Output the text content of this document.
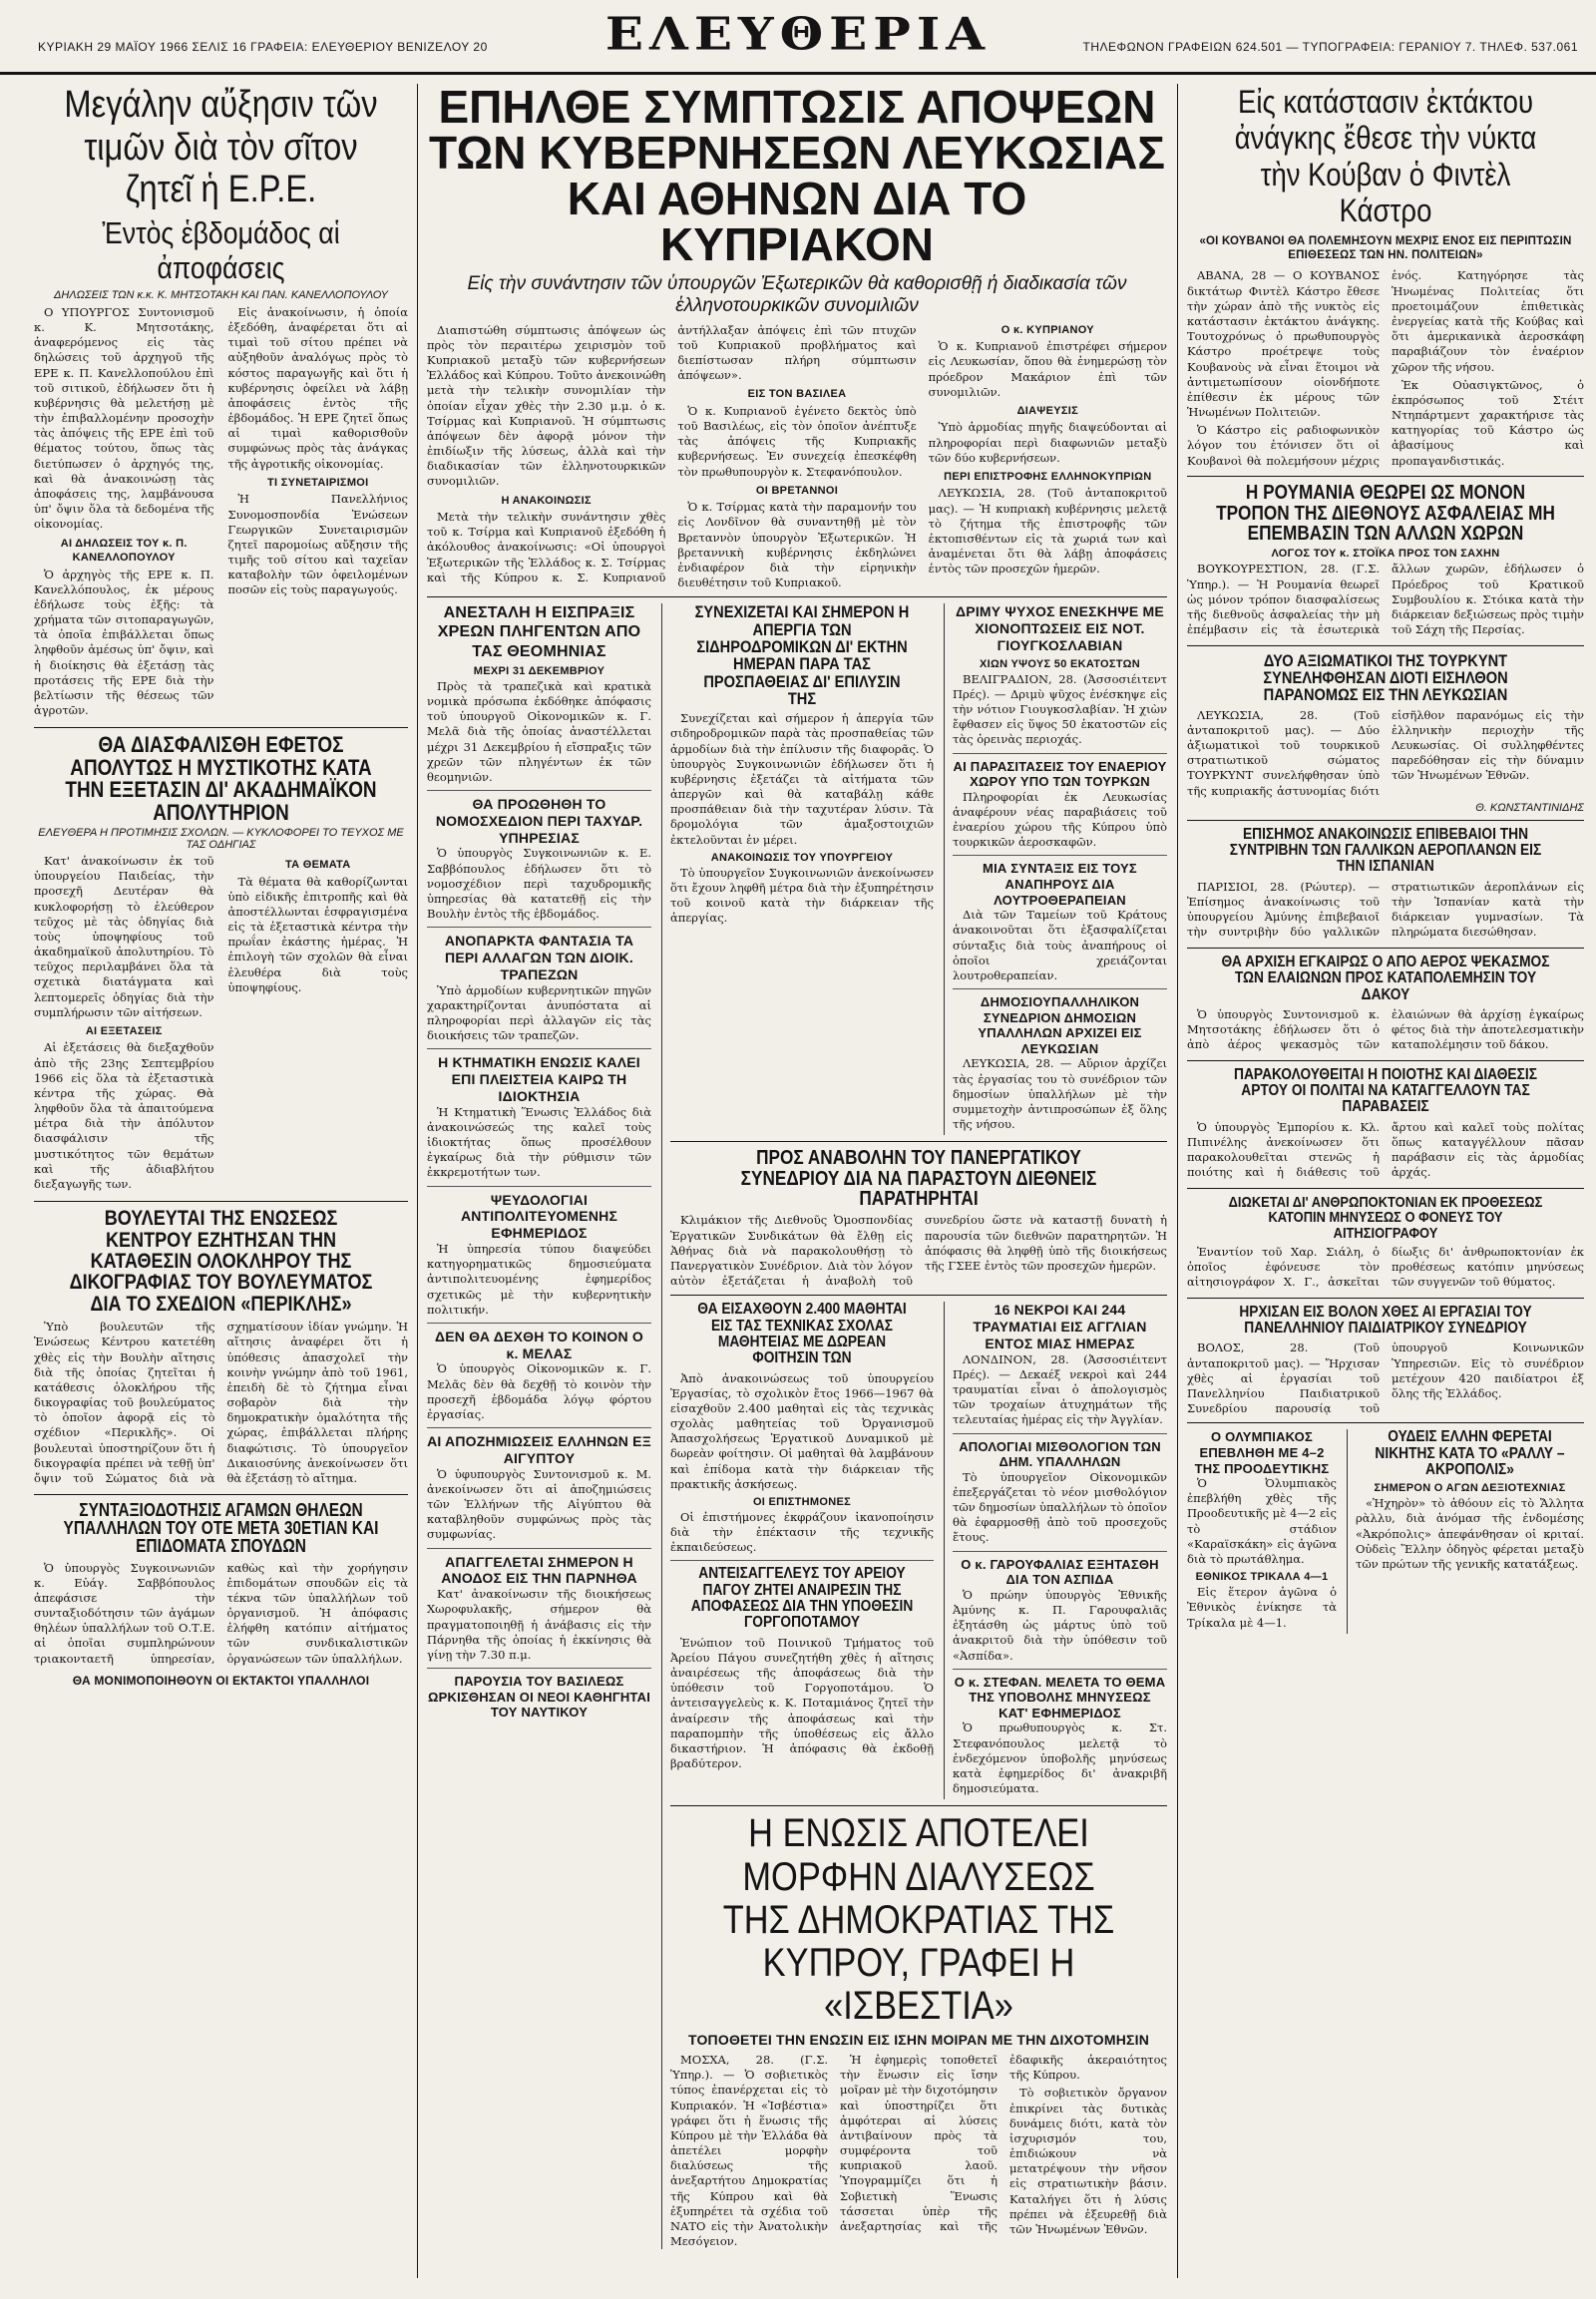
ΚΥΡΙΑΚΗ 29 ΜΑΪΟΥ 1966 ΣΕΛΙΣ 16 ΓΡΑΦΕΙΑ: ΕΛΕΥΘΕΡΙΟΥ ΒΕΝΙΖΕΛΟΥ 20	ΕΛΕΥΘΕΡΙΑ	ΤΗΛΕΦΩΝΟΝ ΓΡΑΦΕΙΩΝ 624.501 — ΤΥΠΟΓΡΑΦΕΙΑ: ΓΕΡΑΝΙΟΥ 7. ΤΗΛΕΦ. 537.061
Μεγάλην αὔξησιν τῶν τιμῶν διὰ τὸν σῖτον ζητεῖ ἡ Ε.Ρ.Ε.
Ἐντὸς ἑβδομάδος αἱ ἀποφάσεις
ΔΗΛΩΣΕΙΣ ΤΩΝ κ.κ. Κ. ΜΗΤΣΟΤΑΚΗ ΚΑΙ ΠΑΝ. ΚΑΝΕΛΛΟΠΟΥΛΟΥ

Ο ΥΠΟΥΡΓΟΣ Συντονισμοῦ κ. Κ. Μητσοτάκης, ἀναφερόμενος εἰς τὰς δηλώσεις τοῦ ἀρχηγοῦ τῆς ΕΡΕ κ. Π. Κανελλοπούλου ἐπὶ τοῦ σιτικοῦ, ἐδήλωσεν ὅτι ἡ κυβέρνησις θὰ μελετήσῃ μὲ τὴν ἐπιβαλλομένην προσοχὴν τὰς ἀπόψεις τῆς ΕΡΕ ἐπὶ τοῦ θέματος τούτου, ὅπως τὰς διετύπωσεν ὁ ἀρχηγός της, καὶ θὰ ἀνακοινώσῃ τὰς ἀποφάσεις της, λαμβάνουσα ὑπ' ὄψιν ὅλα τὰ δεδομένα τῆς οἰκονομίας.

ΑΙ ΔΗΛΩΣΕΙΣ ΤΟΥ κ. Π. ΚΑΝΕΛΛΟΠΟΥΛΟΥ

Ὁ ἀρχηγὸς τῆς ΕΡΕ κ. Π. Κανελλόπουλος, ἐκ μέρους ἐδήλωσε τοὺς ἐξῆς: τὰ χρήματα τῶν σιτοπαραγωγῶν, τὰ ὁποῖα ἐπιβάλλεται ὅπως ληφθοῦν ἀμέσως ὑπ' ὄψιν, καὶ ἡ διοίκησις θὰ ἐξετάσῃ τὰς προτάσεις τῆς ΕΡΕ διὰ τὴν βελτίωσιν τῆς θέσεως τῶν ἀγροτῶν.

Εἰς ἀνακοίνωσιν, ἡ ὁποία ἐξεδόθη, ἀναφέρεται ὅτι αἱ τιμαὶ τοῦ σίτου πρέπει νὰ αὐξηθοῦν ἀναλόγως πρὸς τὸ κόστος παραγωγῆς καὶ ὅτι ἡ κυβέρνησις ὀφείλει νὰ λάβῃ ἀποφάσεις ἐντὸς τῆς ἑβδομάδος. Ἡ ΕΡΕ ζητεῖ ὅπως αἱ τιμαὶ καθορισθοῦν συμφώνως πρὸς τὰς ἀνάγκας τῆς ἀγροτικῆς οἰκονομίας.

ΤΙ ΣΥΝΕΤΑΙΡΙΣΜΟΙ

Ἡ Πανελλήνιος Συνομοσπονδία Ἑνώσεων Γεωργικῶν Συνεταιρισμῶν ζητεῖ παρομοίως αὔξησιν τῆς τιμῆς τοῦ σίτου καὶ ταχεῖαν καταβολὴν τῶν ὀφειλομένων ποσῶν εἰς τοὺς παραγωγούς.

ΘΑ ΔΙΑΣΦΑΛΙΣΘΗ ΕΦΕΤΟΣ ΑΠΟΛΥΤΩΣ Η ΜΥΣΤΙΚΟΤΗΣ ΚΑΤΑ ΤΗΝ ΕΞΕΤΑΣΙΝ ΔΙ' ΑΚΑΔΗΜΑΪΚΟΝ ΑΠΟΛΥΤΗΡΙΟΝ
ΕΛΕΥΘΕΡΑ Η ΠΡΟΤΙΜΗΣΙΣ ΣΧΟΛΩΝ. — ΚΥΚΛΟΦΟΡΕΙ ΤΟ ΤΕΥΧΟΣ ΜΕ ΤΑΣ ΟΔΗΓΙΑΣ

Κατ' ἀνακοίνωσιν ἐκ τοῦ ὑπουργείου Παιδείας, τὴν προσεχῆ Δευτέραν θὰ κυκλοφορήσῃ τὸ ἐλεύθερον τεῦχος μὲ τὰς ὁδηγίας διὰ τοὺς ὑποψηφίους τοῦ ἀκαδημαϊκοῦ ἀπολυτηρίου. Τὸ τεῦχος περιλαμβάνει ὅλα τὰ σχετικὰ διατάγματα καὶ λεπτομερεῖς ὁδηγίας διὰ τὴν συμπλήρωσιν τῶν αἰτήσεων.

ΑΙ ΕΞΕΤΑΣΕΙΣ

Αἱ ἐξετάσεις θὰ διεξαχθοῦν ἀπὸ τῆς 23ης Σεπτεμβρίου 1966 εἰς ὅλα τὰ ἐξεταστικὰ κέντρα τῆς χώρας. Θὰ ληφθοῦν ὅλα τὰ ἀπαιτούμενα μέτρα διὰ τὴν ἀπόλυτον διασφάλισιν τῆς μυστικότητος τῶν θεμάτων καὶ τῆς ἀδιαβλήτου διεξαγωγῆς των.

ΤΑ ΘΕΜΑΤΑ

Τὰ θέματα θὰ καθορίζωνται ὑπὸ εἰδικῆς ἐπιτροπῆς καὶ θὰ ἀποστέλλωνται ἐσφραγισμένα εἰς τὰ ἐξεταστικὰ κέντρα τὴν πρωΐαν ἑκάστης ἡμέρας. Ἡ ἐπιλογὴ τῶν σχολῶν θὰ εἶναι ἐλευθέρα διὰ τοὺς ὑποψηφίους.

ΒΟΥΛΕΥΤΑΙ ΤΗΣ ΕΝΩΣΕΩΣ ΚΕΝΤΡΟΥ ΕΖΗΤΗΣΑΝ ΤΗΝ ΚΑΤΑΘΕΣΙΝ ΟΛΟΚΛΗΡΟΥ ΤΗΣ ΔΙΚΟΓΡΑΦΙΑΣ ΤΟΥ ΒΟΥΛΕΥΜΑΤΟΣ ΔΙΑ ΤΟ ΣΧΕΔΙΟΝ «ΠΕΡΙΚΛΗΣ»

Ὑπὸ βουλευτῶν τῆς Ἑνώσεως Κέντρου κατετέθη χθὲς εἰς τὴν Βουλὴν αἴτησις διὰ τῆς ὁποίας ζητεῖται ἡ κατάθεσις ὁλοκλήρου τῆς δικογραφίας τοῦ βουλεύματος τὸ ὁποῖον ἀφορᾷ εἰς τὸ σχέδιον «Περικλῆς». Οἱ βουλευταὶ ὑποστηρίζουν ὅτι ἡ δικογραφία πρέπει νὰ τεθῇ ὑπ' ὄψιν τοῦ Σώματος διὰ νὰ σχηματίσουν ἰδίαν γνώμην. Ἡ αἴτησις ἀναφέρει ὅτι ἡ ὑπόθεσις ἀπασχολεῖ τὴν κοινὴν γνώμην ἀπὸ τοῦ 1961, ἐπειδὴ δὲ τὸ ζήτημα εἶναι σοβαρὸν διὰ τὴν δημοκρατικὴν ὁμαλότητα τῆς χώρας, ἐπιβάλλεται πλήρης διαφώτισις. Τὸ ὑπουργεῖον Δικαιοσύνης ἀνεκοίνωσεν ὅτι θὰ ἐξετάσῃ τὸ αἴτημα.

ΣΥΝΤΑΞΙΟΔΟΤΗΣΙΣ ΑΓΑΜΩΝ ΘΗΛΕΩΝ ΥΠΑΛΛΗΛΩΝ ΤΟΥ ΟΤΕ ΜΕΤΑ 30ΕΤΙΑΝ ΚΑΙ ΕΠΙΔΟΜΑΤΑ ΣΠΟΥΔΩΝ

Ὁ ὑπουργὸς Συγκοινωνιῶν κ. Εὐάγ. Σαββόπουλος ἀπεφάσισε τὴν συνταξιοδότησιν τῶν ἀγάμων θηλέων ὑπαλλήλων τοῦ Ο.Τ.Ε. αἱ ὁποῖαι συμπληρώνουν τριακονταετῆ ὑπηρεσίαν, καθὼς καὶ τὴν χορήγησιν ἐπιδομάτων σπουδῶν εἰς τὰ τέκνα τῶν ὑπαλλήλων τοῦ ὀργανισμοῦ. Ἡ ἀπόφασις ἐλήφθη κατόπιν αἰτήματος τῶν συνδικαλιστικῶν ὀργανώσεων τῶν ὑπαλλήλων.

ΘΑ ΜΟΝΙΜΟΠΟΙΗΘΟΥΝ ΟΙ ΕΚΤΑΚΤΟΙ ΥΠΑΛΛΗΛΟΙ
ΕΠΗΛΘΕ ΣΥΜΠΤΩΣΙΣ ΑΠΟΨΕΩΝ ΤΩΝ ΚΥΒΕΡΝΗΣΕΩΝ ΛΕΥΚΩΣΙΑΣ ΚΑΙ ΑΘΗΝΩΝ ΔΙΑ ΤΟ ΚΥΠΡΙΑΚΟΝ
Εἰς τὴν συνάντησιν τῶν ὑπουργῶν Ἐξωτερικῶν θὰ καθορισθῇ ἡ διαδικασία τῶν ἑλληνοτουρκικῶν συνομιλιῶν

Διαπιστώθη σύμπτωσις ἀπόψεων ὡς πρὸς τὸν περαιτέρω χειρισμὸν τοῦ Κυπριακοῦ μεταξὺ τῶν κυβερνήσεων Ἑλλάδος καὶ Κύπρου. Τοῦτο ἀνεκοινώθη μετὰ τὴν τελικὴν συνομιλίαν τὴν ὁποίαν εἶχαν χθὲς τὴν 2.30 μ.μ. ὁ κ. Τσίρμας καὶ Κυπριανοῦ. Ἡ σύμπτωσις ἀπόψεων δὲν ἀφορᾷ μόνον τὴν ἐπιδίωξιν τῆς λύσεως, ἀλλὰ καὶ τὴν διαδικασίαν τῶν ἑλληνοτουρκικῶν συνομιλιῶν.

Η ΑΝΑΚΟΙΝΩΣΙΣ

Μετὰ τὴν τελικὴν συνάντησιν χθὲς τοῦ κ. Τσίρμα καὶ Κυπριανοῦ ἐξεδόθη ἡ ἀκόλουθος ἀνακοίνωσις: «Οἱ ὑπουργοὶ Ἐξωτερικῶν τῆς Ἑλλάδος κ. Σ. Τσίρμας καὶ τῆς Κύπρου κ. Σ. Κυπριανοῦ ἀντήλλαξαν ἀπόψεις ἐπὶ τῶν πτυχῶν τοῦ Κυπριακοῦ προβλήματος καὶ διεπίστωσαν πλήρη σύμπτωσιν ἀπόψεων».

ΕΙΣ ΤΟΝ ΒΑΣΙΛΕΑ

Ὁ κ. Κυπριανοῦ ἐγένετο δεκτὸς ὑπὸ τοῦ Βασιλέως, εἰς τὸν ὁποῖον ἀνέπτυξε τὰς ἀπόψεις τῆς Κυπριακῆς κυβερνήσεως. Ἐν συνεχείᾳ ἐπεσκέφθη τὸν πρωθυπουργὸν κ. Στεφανόπουλον.

ΟΙ ΒΡΕΤΑΝΝΟΙ

Ὁ κ. Τσίρμας κατὰ τὴν παραμονήν του εἰς Λονδῖνον θὰ συναντηθῇ μὲ τὸν Βρεταννὸν ὑπουργὸν Ἐξωτερικῶν. Ἡ βρεταννικὴ κυβέρνησις ἐκδηλώνει ἐνδιαφέρον διὰ τὴν εἰρηνικὴν διευθέτησιν τοῦ Κυπριακοῦ.

Ο κ. ΚΥΠΡΙΑΝΟΥ

Ὁ κ. Κυπριανοῦ ἐπιστρέφει σήμερον εἰς Λευκωσίαν, ὅπου θὰ ἐνημερώσῃ τὸν πρόεδρον Μακάριον ἐπὶ τῶν συνομιλιῶν.

ΔΙΑΨΕΥΣΙΣ

Ὑπὸ ἁρμοδίας πηγῆς διαψεύδονται αἱ πληροφορίαι περὶ διαφωνιῶν μεταξὺ τῶν δύο κυβερνήσεων.

ΠΕΡΙ ΕΠΙΣΤΡΟΦΗΣ ΕΛΛΗΝΟΚΥΠΡΙΩΝ

ΛΕΥΚΩΣΙΑ, 28. (Τοῦ ἀνταποκριτοῦ μας). — Ἡ κυπριακὴ κυβέρνησις μελετᾷ τὸ ζήτημα τῆς ἐπιστροφῆς τῶν ἐκτοπισθέντων εἰς τὰ χωριά των καὶ ἀναμένεται ὅτι θὰ λάβῃ ἀποφάσεις ἐντὸς τῶν προσεχῶν ἡμερῶν.

ΑΝΕΣΤΑΛΗ Η ΕΙΣΠΡΑΞΙΣ ΧΡΕΩΝ ΠΛΗΓΕΝΤΩΝ ΑΠΟ ΤΑΣ ΘΕΟΜΗΝΙΑΣ
ΜΕΧΡΙ 31 ΔΕΚΕΜΒΡΙΟΥ

Πρὸς τὰ τραπεζικὰ καὶ κρατικὰ νομικὰ πρόσωπα ἐκδόθηκε ἀπόφασις τοῦ ὑπουργοῦ Οἰκονομικῶν κ. Γ. Μελᾶ διὰ τῆς ὁποίας ἀναστέλλεται μέχρι 31 Δεκεμβρίου ἡ εἴσπραξις τῶν χρεῶν τῶν πληγέντων ἐκ τῶν θεομηνιῶν.

ΘΑ ΠΡΟΩΘΗΘΗ ΤΟ ΝΟΜΟΣΧΕΔΙΟΝ ΠΕΡΙ ΤΑΧΥΔΡ. ΥΠΗΡΕΣΙΑΣ

Ὁ ὑπουργὸς Συγκοινωνιῶν κ. Ε. Σαββόπουλος ἐδήλωσεν ὅτι τὸ νομοσχέδιον περὶ ταχυδρομικῆς ὑπηρεσίας θὰ κατατεθῇ εἰς τὴν Βουλὴν ἐντὸς τῆς ἑβδομάδος.

ΑΝΟΠΑΡΚΤΑ ΦΑΝΤΑΣΙΑ ΤΑ ΠΕΡΙ ΑΛΛΑΓΩΝ ΤΩΝ ΔΙΟΙΚ. ΤΡΑΠΕΖΩΝ

Ὑπὸ ἁρμοδίων κυβερνητικῶν πηγῶν χαρακτηρίζονται ἀνυπόστατα αἱ πληροφορίαι περὶ ἀλλαγῶν εἰς τὰς διοικήσεις τῶν τραπεζῶν.

Η ΚΤΗΜΑΤΙΚΗ ΕΝΩΣΙΣ ΚΑΛΕΙ ΕΠΙ ΠΛΕΙΣΤΕΙΑ ΚΑΙΡΩ ΤΗ ΙΔΙΟΚΤΗΣΙΑ

Ἡ Κτηματικὴ Ἕνωσις Ἑλλάδος διὰ ἀνακοινώσεώς της καλεῖ τοὺς ἰδιοκτήτας ὅπως προσέλθουν ἐγκαίρως διὰ τὴν ρύθμισιν τῶν ἐκκρεμοτήτων των.

ΨΕΥΔΟΛΟΓΙΑΙ ΑΝΤΙΠΟΛΙΤΕΥΟΜΕΝΗΣ ΕΦΗΜΕΡΙΔΟΣ

Ἡ ὑπηρεσία τύπου διαψεύδει κατηγορηματικῶς δημοσιεύματα ἀντιπολιτευομένης ἐφημερίδος σχετικῶς μὲ τὴν κυβερνητικὴν πολιτικήν.

ΔΕΝ ΘΑ ΔΕΧΘΗ ΤΟ ΚΟΙΝΟΝ Ο κ. ΜΕΛΑΣ

Ὁ ὑπουργὸς Οἰκονομικῶν κ. Γ. Μελᾶς δὲν θὰ δεχθῇ τὸ κοινὸν τὴν προσεχῆ ἑβδομάδα λόγῳ φόρτου ἐργασίας.

ΑΙ ΑΠΟΖΗΜΙΩΣΕΙΣ ΕΛΛΗΝΩΝ ΕΞ ΑΙΓΥΠΤΟΥ

Ὁ ὑφυπουργὸς Συντονισμοῦ κ. Μ. ἀνεκοίνωσεν ὅτι αἱ ἀποζημιώσεις τῶν Ἑλλήνων τῆς Αἰγύπτου θὰ καταβληθοῦν συμφώνως πρὸς τὰς συμφωνίας.

ΑΠΑΓΓΕΛΕΤΑΙ ΣΗΜΕΡΟΝ Η ΑΝΟΔΟΣ ΕΙΣ ΤΗΝ ΠΑΡΝΗΘΑ

Κατ' ἀνακοίνωσιν τῆς διοικήσεως Χωροφυλακῆς, σήμερον θὰ πραγματοποιηθῇ ἡ ἀνάβασις εἰς τὴν Πάρνηθα τῆς ὁποίας ἡ ἐκκίνησις θὰ γίνῃ τὴν 7.30 π.μ.

ΠΑΡΟΥΣΙΑ ΤΟΥ ΒΑΣΙΛΕΩΣ ΩΡΚΙΣΘΗΣΑΝ ΟΙ ΝΕΟΙ ΚΑΘΗΓΗΤΑΙ ΤΟΥ ΝΑΥΤΙΚΟΥ
ΣΥΝΕΧΙΖΕΤΑΙ ΚΑΙ ΣΗΜΕΡΟΝ Η ΑΠΕΡΓΙΑ ΤΩΝ ΣΙΔΗΡΟΔΡΟΜΙΚΩΝ ΔΙ' ΕΚΤΗΝ ΗΜΕΡΑΝ ΠΑΡΑ ΤΑΣ ΠΡΟΣΠΑΘΕΙΑΣ ΔΙ' ΕΠΙΛΥΣΙΝ ΤΗΣ

Συνεχίζεται καὶ σήμερον ἡ ἀπεργία τῶν σιδηροδρομικῶν παρὰ τὰς προσπαθείας τῶν ἁρμοδίων διὰ τὴν ἐπίλυσιν τῆς διαφορᾶς. Ὁ ὑπουργὸς Συγκοινωνιῶν ἐδήλωσεν ὅτι ἡ κυβέρνησις ἐξετάζει τὰ αἰτήματα τῶν ἀπεργῶν καὶ θὰ καταβάλῃ κάθε προσπάθειαν διὰ τὴν ταχυτέραν λύσιν. Τὰ δρομολόγια τῶν ἀμαξοστοιχιῶν ἐκτελοῦνται ἐν μέρει.

ΑΝΑΚΟΙΝΩΣΙΣ ΤΟΥ ΥΠΟΥΡΓΕΙΟΥ

Τὸ ὑπουργεῖον Συγκοινωνιῶν ἀνεκοίνωσεν ὅτι ἔχουν ληφθῆ μέτρα διὰ τὴν ἐξυπηρέτησιν τοῦ κοινοῦ κατὰ τὴν διάρκειαν τῆς ἀπεργίας.

ΔΡΙΜΥ ΨΥΧΟΣ ΕΝΕΣΚΗΨΕ ΜΕ ΧΙΟΝΟΠΤΩΣΕΙΣ ΕΙΣ ΝΟΤ. ΓΙΟΥΓΚΟΣΛΑΒΙΑΝ
ΧΙΩΝ ΥΨΟΥΣ 50 ΕΚΑΤΟΣΤΩΝ

ΒΕΛΙΓΡΑΔΙΟΝ, 28. (Ἀσσοσιέιτεντ Πρές). — Δριμὺ ψῦχος ἐνέσκηψε εἰς τὴν νότιον Γιουγκοσλαβίαν. Ἡ χιὼν ἔφθασεν εἰς ὕψος 50 ἑκατοστῶν εἰς τὰς ὀρεινὰς περιοχάς.

ΑΙ ΠΑΡΑΣΙΤΑΣΕΙΣ ΤΟΥ ΕΝΑΕΡΙΟΥ ΧΩΡΟΥ ΥΠΟ ΤΩΝ ΤΟΥΡΚΩΝ

Πληροφορίαι ἐκ Λευκωσίας ἀναφέρουν νέας παραβιάσεις τοῦ ἐναερίου χώρου τῆς Κύπρου ὑπὸ τουρκικῶν ἀεροσκαφῶν.

ΜΙΑ ΣΥΝΤΑΞΙΣ ΕΙΣ ΤΟΥΣ ΑΝΑΠΗΡΟΥΣ ΔΙΑ ΛΟΥΤΡΟΘΕΡΑΠΕΙΑΝ

Διὰ τῶν Ταμείων τοῦ Κράτους ἀνακοινοῦται ὅτι ἐξασφαλίζεται σύνταξις διὰ τοὺς ἀναπήρους οἱ ὁποῖοι χρειάζονται λουτροθεραπείαν.

ΔΗΜΟΣΙΟΥΠΑΛΛΗΛΙΚΟΝ ΣΥΝΕΔΡΙΟΝ ΔΗΜΟΣΙΩΝ ΥΠΑΛΛΗΛΩΝ ΑΡΧΙΖΕΙ ΕΙΣ ΛΕΥΚΩΣΙΑΝ

ΛΕΥΚΩΣΙΑ, 28. — Αὔριον ἀρχίζει τὰς ἐργασίας του τὸ συνέδριον τῶν δημοσίων ὑπαλλήλων μὲ τὴν συμμετοχὴν ἀντιπροσώπων ἐξ ὅλης τῆς νήσου.

ΠΡΟΣ ΑΝΑΒΟΛΗΝ ΤΟΥ ΠΑΝΕΡΓΑΤΙΚΟΥ ΣΥΝΕΔΡΙΟΥ ΔΙΑ ΝΑ ΠΑΡΑΣΤΟΥΝ ΔΙΕΘΝΕΙΣ ΠΑΡΑΤΗΡΗΤΑΙ

Κλιμάκιον τῆς Διεθνοῦς Ὁμοσπονδίας Ἐργατικῶν Συνδικάτων θὰ ἔλθῃ εἰς Ἀθήνας διὰ νὰ παρακολουθήσῃ τὸ Πανεργατικὸν Συνέδριον. Διὰ τὸν λόγον αὐτὸν ἐξετάζεται ἡ ἀναβολὴ τοῦ συνεδρίου ὥστε νὰ καταστῇ δυνατὴ ἡ παρουσία τῶν διεθνῶν παρατηρητῶν. Ἡ ἀπόφασις θὰ ληφθῇ ὑπὸ τῆς διοικήσεως τῆς ΓΣΕΕ ἐντὸς τῶν προσεχῶν ἡμερῶν.

ΘΑ ΕΙΣΑΧΘΟΥΝ 2.400 ΜΑΘΗΤΑΙ ΕΙΣ ΤΑΣ ΤΕΧΝΙΚΑΣ ΣΧΟΛΑΣ ΜΑΘΗΤΕΙΑΣ ΜΕ ΔΩΡΕΑΝ ΦΟΙΤΗΣΙΝ ΤΩΝ

Ἀπὸ ἀνακοινώσεως τοῦ ὑπουργείου Ἐργασίας, τὸ σχολικὸν ἔτος 1966—1967 θὰ εἰσαχθοῦν 2.400 μαθηταὶ εἰς τὰς τεχνικὰς σχολὰς μαθητείας τοῦ Ὀργανισμοῦ Ἀπασχολήσεως Ἐργατικοῦ Δυναμικοῦ μὲ δωρεὰν φοίτησιν. Οἱ μαθηταὶ θὰ λαμβάνουν καὶ ἐπίδομα κατὰ τὴν διάρκειαν τῆς πρακτικῆς ἀσκήσεως.

ΟΙ ΕΠΙΣΤΗΜΟΝΕΣ

Οἱ ἐπιστήμονες ἐκφράζουν ἱκανοποίησιν διὰ τὴν ἐπέκτασιν τῆς τεχνικῆς ἐκπαιδεύσεως.

ΑΝΤΕΙΣΑΓΓΕΛΕΥΣ ΤΟΥ ΑΡΕΙΟΥ ΠΑΓΟΥ ΖΗΤΕΙ ΑΝΑΙΡΕΣΙΝ ΤΗΣ ΑΠΟΦΑΣΕΩΣ ΔΙΑ ΤΗΝ ΥΠΟΘΕΣΙΝ ΓΟΡΓΟΠΟΤΑΜΟΥ

Ἐνώπιον τοῦ Ποινικοῦ Τμήματος τοῦ Ἀρείου Πάγου συνεζητήθη χθὲς ἡ αἴτησις ἀναιρέσεως τῆς ἀποφάσεως διὰ τὴν ὑπόθεσιν τοῦ Γοργοποτάμου. Ὁ ἀντεισαγγελεὺς κ. Κ. Ποταμιάνος ζητεῖ τὴν ἀναίρεσιν τῆς ἀποφάσεως καὶ τὴν παραπομπὴν τῆς ὑποθέσεως εἰς ἄλλο δικαστήριον. Ἡ ἀπόφασις θὰ ἐκδοθῇ βραδύτερον.

16 ΝΕΚΡΟΙ ΚΑΙ 244 ΤΡΑΥΜΑΤΙΑΙ ΕΙΣ ΑΓΓΛΙΑΝ ΕΝΤΟΣ ΜΙΑΣ ΗΜΕΡΑΣ

ΛΟΝΔΙΝΟΝ, 28. (Ἀσσοσιέιτεντ Πρές). — Δεκαέξ νεκροὶ καὶ 244 τραυματίαι εἶναι ὁ ἀπολογισμὸς τῶν τροχαίων ἀτυχημάτων τῆς τελευταίας ἡμέρας εἰς τὴν Ἀγγλίαν.

ΑΠΟΛΟΓΙΑΙ ΜΙΣΘΟΛΟΓΙΟΝ ΤΩΝ ΔΗΜ. ΥΠΑΛΛΗΛΩΝ

Τὸ ὑπουργεῖον Οἰκονομικῶν ἐπεξεργάζεται τὸ νέον μισθολόγιον τῶν δημοσίων ὑπαλλήλων τὸ ὁποῖον θὰ ἐφαρμοσθῇ ἀπὸ τοῦ προσεχοῦς ἔτους.

Ο κ. ΓΑΡΟΥΦΑΛΙΑΣ ΕΞΗΤΑΣΘΗ ΔΙΑ ΤΟΝ ΑΣΠΙΔΑ

Ὁ πρώην ὑπουργὸς Ἐθνικῆς Ἀμύνης κ. Π. Γαρουφαλιᾶς ἐξητάσθη ὡς μάρτυς ὑπὸ τοῦ ἀνακριτοῦ διὰ τὴν ὑπόθεσιν τοῦ «Ἀσπίδα».

Ο κ. ΣΤΕΦΑΝ. ΜΕΛΕΤΑ ΤΟ ΘΕΜΑ ΤΗΣ ΥΠΟΒΟΛΗΣ ΜΗΝΥΣΕΩΣ ΚΑΤ' ΕΦΗΜΕΡΙΔΟΣ

Ὁ πρωθυπουργὸς κ. Στ. Στεφανόπουλος μελετᾷ τὸ ἐνδεχόμενον ὑποβολῆς μηνύσεως κατὰ ἐφημερίδος δι' ἀνακριβῆ δημοσιεύματα.

Η ΕΝΩΣΙΣ ΑΠΟΤΕΛΕΙ ΜΟΡΦΗΝ ΔΙΑΛΥΣΕΩΣ ΤΗΣ ΔΗΜΟΚΡΑΤΙΑΣ ΤΗΣ ΚΥΠΡΟΥ, ΓΡΑΦΕΙ Η «ΙΣΒΕΣΤΙΑ»
ΤΟΠΟΘΕΤΕΙ ΤΗΝ ΕΝΩΣΙΝ ΕΙΣ ΙΣΗΝ ΜΟΙΡΑΝ ΜΕ ΤΗΝ ΔΙΧΟΤΟΜΗΣΙΝ

ΜΟΣΧΑ, 28. (Γ.Σ. Ὑπηρ.). — Ὁ σοβιετικὸς τύπος ἐπανέρχεται εἰς τὸ Κυπριακόν. Ἡ «Ἰσβέστια» γράφει ὅτι ἡ ἕνωσις τῆς Κύπρου μὲ τὴν Ἑλλάδα θὰ ἀπετέλει μορφὴν διαλύσεως τῆς ἀνεξαρτήτου Δημοκρατίας τῆς Κύπρου καὶ θὰ ἐξυπηρέτει τὰ σχέδια τοῦ ΝΑΤΟ εἰς τὴν Ἀνατολικὴν Μεσόγειον.

Ἡ ἐφημερὶς τοποθετεῖ τὴν ἕνωσιν εἰς ἴσην μοῖραν μὲ τὴν διχοτόμησιν καὶ ὑποστηρίζει ὅτι ἀμφότεραι αἱ λύσεις ἀντιβαίνουν πρὸς τὰ συμφέροντα τοῦ κυπριακοῦ λαοῦ. Ὑπογραμμίζει ὅτι ἡ Σοβιετικὴ Ἕνωσις τάσσεται ὑπὲρ τῆς ἀνεξαρτησίας καὶ τῆς ἐδαφικῆς ἀκεραιότητος τῆς Κύπρου.

Τὸ σοβιετικὸν ὄργανον ἐπικρίνει τὰς δυτικὰς δυνάμεις διότι, κατὰ τὸν ἰσχυρισμόν του, ἐπιδιώκουν νὰ μετατρέψουν τὴν νῆσον εἰς στρατιωτικὴν βάσιν. Καταλήγει ὅτι ἡ λύσις πρέπει νὰ ἐξευρεθῇ διὰ τῶν Ἡνωμένων Ἐθνῶν.

Εἰς κατάστασιν ἐκτάκτου ἀνάγκης ἔθεσε τὴν νύκτα τὴν Κούβαν ὁ Φιντὲλ Κάστρο
«ΟΙ ΚΟΥΒΑΝΟΙ ΘΑ ΠΟΛΕΜΗΣΟΥΝ ΜΕΧΡΙΣ ΕΝΟΣ ΕΙΣ ΠΕΡΙΠΤΩΣΙΝ ΕΠΙΘΕΣΕΩΣ ΤΩΝ ΗΝ. ΠΟΛΙΤΕΙΩΝ»

ΑΒΑΝΑ, 28 — Ο ΚΟΥΒΑΝΟΣ δικτάτωρ Φιντὲλ Κάστρο ἔθεσε τὴν χώραν ἀπὸ τῆς νυκτὸς εἰς κατάστασιν ἐκτάκτου ἀνάγκης. Τουτοχρόνως ὁ πρωθυπουργὸς Κάστρο προέτρεψε τοὺς Κουβανοὺς νὰ εἶναι ἕτοιμοι νὰ ἀντιμετωπίσουν οἱονδήποτε ἐπίθεσιν ἐκ μέρους τῶν Ἡνωμένων Πολιτειῶν.

Ὁ Κάστρο εἰς ραδιοφωνικὸν λόγον του ἐτόνισεν ὅτι οἱ Κουβανοὶ θὰ πολεμήσουν μέχρις ἑνός. Κατηγόρησε τὰς Ἡνωμένας Πολιτείας ὅτι προετοιμάζουν ἐπιθετικὰς ἐνεργείας κατὰ τῆς Κούβας καὶ ὅτι ἀμερικανικὰ ἀεροσκάφη παραβιάζουν τὸν ἐναέριον χῶρον τῆς νήσου.

Ἐκ Οὐασιγκτῶνος, ὁ ἐκπρόσωπος τοῦ Στέιτ Ντηπάρτμεντ χαρακτήρισε τὰς κατηγορίας τοῦ Κάστρο ὡς ἀβασίμους καὶ προπαγανδιστικάς.

Η ΡΟΥΜΑΝΙΑ ΘΕΩΡΕΙ ΩΣ ΜΟΝΟΝ ΤΡΟΠΟΝ ΤΗΣ ΔΙΕΘΝΟΥΣ ΑΣΦΑΛΕΙΑΣ ΜΗ ΕΠΕΜΒΑΣΙΝ ΤΩΝ ΑΛΛΩΝ ΧΩΡΩΝ
ΛΟΓΟΣ ΤΟΥ κ. ΣΤΟΪΚΑ ΠΡΟΣ ΤΟΝ ΣΑΧΗΝ

ΒΟΥΚΟΥΡΕΣΤΙΟΝ, 28. (Γ.Σ. Ὑπηρ.). — Ἡ Ρουμανία θεωρεῖ ὡς μόνον τρόπον διασφαλίσεως τῆς διεθνοῦς ἀσφαλείας τὴν μὴ ἐπέμβασιν εἰς τὰ ἐσωτερικὰ ἄλλων χωρῶν, ἐδήλωσεν ὁ Πρόεδρος τοῦ Κρατικοῦ Συμβουλίου κ. Στόικα κατὰ τὴν διάρκειαν δεξιώσεως πρὸς τιμὴν τοῦ Σάχη τῆς Περσίας.

ΔΥΟ ΑΞΙΩΜΑΤΙΚΟΙ ΤΗΣ ΤΟΥΡΚΥΝΤ ΣΥΝΕΛΗΦΘΗΣΑΝ ΔΙΟΤΙ ΕΙΣΗΛΘΟΝ ΠΑΡΑΝΟΜΩΣ ΕΙΣ ΤΗΝ ΛΕΥΚΩΣΙΑΝ

ΛΕΥΚΩΣΙΑ, 28. (Τοῦ ἀνταποκριτοῦ μας). — Δύο ἀξιωματικοὶ τοῦ τουρκικοῦ στρατιωτικοῦ σώματος ΤΟΥΡΚΥΝΤ συνελήφθησαν ὑπὸ τῆς κυπριακῆς ἀστυνομίας διότι εἰσῆλθον παρανόμως εἰς τὴν ἑλληνικὴν περιοχὴν τῆς Λευκωσίας. Οἱ συλληφθέντες παρεδόθησαν εἰς τὴν δύναμιν τῶν Ἡνωμένων Ἐθνῶν.

Θ. ΚΩΝΣΤΑΝΤΙΝΙΔΗΣ
ΕΠΙΣΗΜΟΣ ΑΝΑΚΟΙΝΩΣΙΣ ΕΠΙΒΕΒΑΙΟΙ ΤΗΝ ΣΥΝΤΡΙΒΗΝ ΤΩΝ ΓΑΛΛΙΚΩΝ ΑΕΡΟΠΛΑΝΩΝ ΕΙΣ ΤΗΝ ΙΣΠΑΝΙΑΝ

ΠΑΡΙΣΙΟΙ, 28. (Ρώυτερ). — Ἐπίσημος ἀνακοίνωσις τοῦ ὑπουργείου Ἀμύνης ἐπιβεβαιοῖ τὴν συντριβὴν δύο γαλλικῶν στρατιωτικῶν ἀεροπλάνων εἰς τὴν Ἱσπανίαν κατὰ τὴν διάρκειαν γυμνασίων. Τὰ πληρώματα διεσώθησαν.

ΘΑ ΑΡΧΙΣΗ ΕΓΚΑΙΡΩΣ Ο ΑΠΟ ΑΕΡΟΣ ΨΕΚΑΣΜΟΣ ΤΩΝ ΕΛΑΙΩΝΩΝ ΠΡΟΣ ΚΑΤΑΠΟΛΕΜΗΣΙΝ ΤΟΥ ΔΑΚΟΥ

Ὁ ὑπουργὸς Συντονισμοῦ κ. Μητσοτάκης ἐδήλωσεν ὅτι ὁ ἀπὸ ἀέρος ψεκασμὸς τῶν ἐλαιώνων θὰ ἀρχίσῃ ἐγκαίρως φέτος διὰ τὴν ἀποτελεσματικὴν καταπολέμησιν τοῦ δάκου.

ΠΑΡΑΚΟΛΟΥΘΕΙΤΑΙ Η ΠΟΙΟΤΗΣ ΚΑΙ ΔΙΑΘΕΣΙΣ ΑΡΤΟΥ ΟΙ ΠΟΛΙΤΑΙ ΝΑ ΚΑΤΑΓΓΕΛΛΟΥΝ ΤΑΣ ΠΑΡΑΒΑΣΕΙΣ

Ὁ ὑπουργὸς Ἐμπορίου κ. Κλ. Πιπινέλης ἀνεκοίνωσεν ὅτι παρακολουθεῖται στενῶς ἡ ποιότης καὶ ἡ διάθεσις τοῦ ἄρτου καὶ καλεῖ τοὺς πολίτας ὅπως καταγγέλλουν πᾶσαν παράβασιν εἰς τὰς ἁρμοδίας ἀρχάς.

ΔΙΩΚΕΤΑΙ ΔΙ' ΑΝΘΡΩΠΟΚΤΟΝΙΑΝ ΕΚ ΠΡΟΘΕΣΕΩΣ ΚΑΤΟΠΙΝ ΜΗΝΥΣΕΩΣ Ο ΦΟΝΕΥΣ ΤΟΥ ΑΙΤΗΣΙΟΓΡΑΦΟΥ

Ἐναντίον τοῦ Χαρ. Σιάλη, ὁ ὁποῖος ἐφόνευσε τὸν αἰτησιογράφον Χ. Γ., ἀσκεῖται δίωξις δι' ἀνθρωποκτονίαν ἐκ προθέσεως κατόπιν μηνύσεως τῶν συγγενῶν τοῦ θύματος.

ΗΡΧΙΣΑΝ ΕΙΣ ΒΟΛΟΝ ΧΘΕΣ ΑΙ ΕΡΓΑΣΙΑΙ ΤΟΥ ΠΑΝΕΛΛΗΝΙΟΥ ΠΑΙΔΙΑΤΡΙΚΟΥ ΣΥΝΕΔΡΙΟΥ

ΒΟΛΟΣ, 28. (Τοῦ ἀνταποκριτοῦ μας). — Ἤρχισαν χθὲς αἱ ἐργασίαι τοῦ Πανελληνίου Παιδιατρικοῦ Συνεδρίου παρουσίᾳ τοῦ ὑπουργοῦ Κοινωνικῶν Ὑπηρεσιῶν. Εἰς τὸ συνέδριον μετέχουν 420 παιδίατροι ἐξ ὅλης τῆς Ἑλλάδος.

Ο ΟΛΥΜΠΙΑΚΟΣ ΕΠΕΒΛΗΘΗ ΜΕ 4–2 ΤΗΣ ΠΡΟΟΔΕΥΤΙΚΗΣ

Ὁ Ὀλυμπιακὸς ἐπεβλήθη χθὲς τῆς Προοδευτικῆς μὲ 4—2 εἰς τὸ στάδιον «Καραϊσκάκη» εἰς ἀγῶνα διὰ τὸ πρωτάθλημα.

ΕΘΝΙΚΟΣ ΤΡΙΚΑΛΑ 4—1

Εἰς ἕτερον ἀγῶνα ὁ Ἐθνικὸς ἐνίκησε τὰ Τρίκαλα μὲ 4—1.

ΟΥΔΕΙΣ ΕΛΛΗΝ ΦΕΡΕΤΑΙ ΝΙΚΗΤΗΣ ΚΑΤΑ ΤΟ «ΡΑΛΛΥ – ΑΚΡΟΠΟΛΙΣ»
ΣΗΜΕΡΟΝ Ο ΑΓΩΝ ΔΕΞΙΟΤΕΧΝΙΑΣ

«Ἠχηρὸν» τὸ ἀθόουν εἰς τὸ Ἄλλητα ρὰλλυ, διὰ ἀνόμασ τῆς ἐνδομέσης «Ἀκρόπολις» ἀπεφάνθησαν οἱ κριταί. Οὐδεὶς Ἕλλην ὁδηγὸς φέρεται μεταξὺ τῶν πρώτων τῆς γενικῆς κατατάξεως.
